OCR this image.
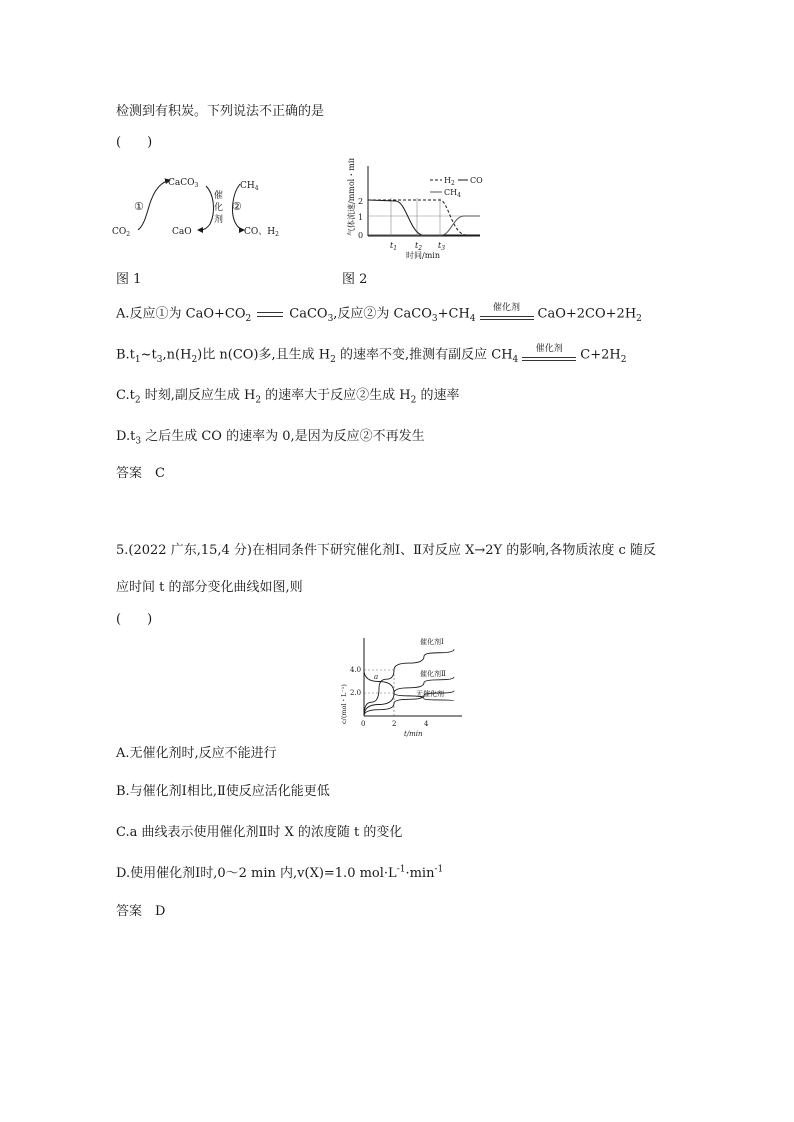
检测到有积炭。下列说法不正确的是
(　　)
CaCO$_3$	$CH_4$
$CO_2$	CaO	CO、$H_2$
①	②
催
化
剂
图 1
气体流速/mmol・min⁻¹ 2
1
0
$t_1$ $t_2$ $t_3$
时间/min
$H_2$ CO
$CH_4$
图 2
A.反应①为 $CaO+CO_2$	CaCO$_3$,反应②为 $CaCO_3+CH_4$
催化剂	$CaO+2CO+2H_2$
$B.t_1\sim t_3,n(H_2)$比 n(CO)多,且生成 $H_2$ 的速率不变,推测有副反应 $CH_4$
催化剂	$C+2H_2$
$C.t_2$ 时刻,副反应生成 $H_2$ 的速率大于反应②生成 $H_2$ 的速率
$D.t_3$ 之后生成 CO 的速率为 0,是因为反应②不再发生
答案　C
5.(2022 广东,15,4 分)在相同条件下研究催化剂Ⅰ、Ⅱ对反应 X→2Y 的影响,各物质浓度 c 随反
应时间 t 的部分变化曲线如图,则
(　　)
c/(mol・L⁻¹)
4.0
2.0
0	2	4
t/min
催化剂Ⅰ
催化剂Ⅱ
无催化剂
a
A.无催化剂时,反应不能进行
B.与催化剂Ⅰ相比,Ⅱ使反应活化能更低
C.a 曲线表示使用催化剂Ⅱ时 X 的浓度随 t 的变化
D.使用催化剂Ⅰ时,0～2 min 内,v(X)=1.0 $mol\cdot L^{-1}\cdot\min^{-1}$
答案　D
